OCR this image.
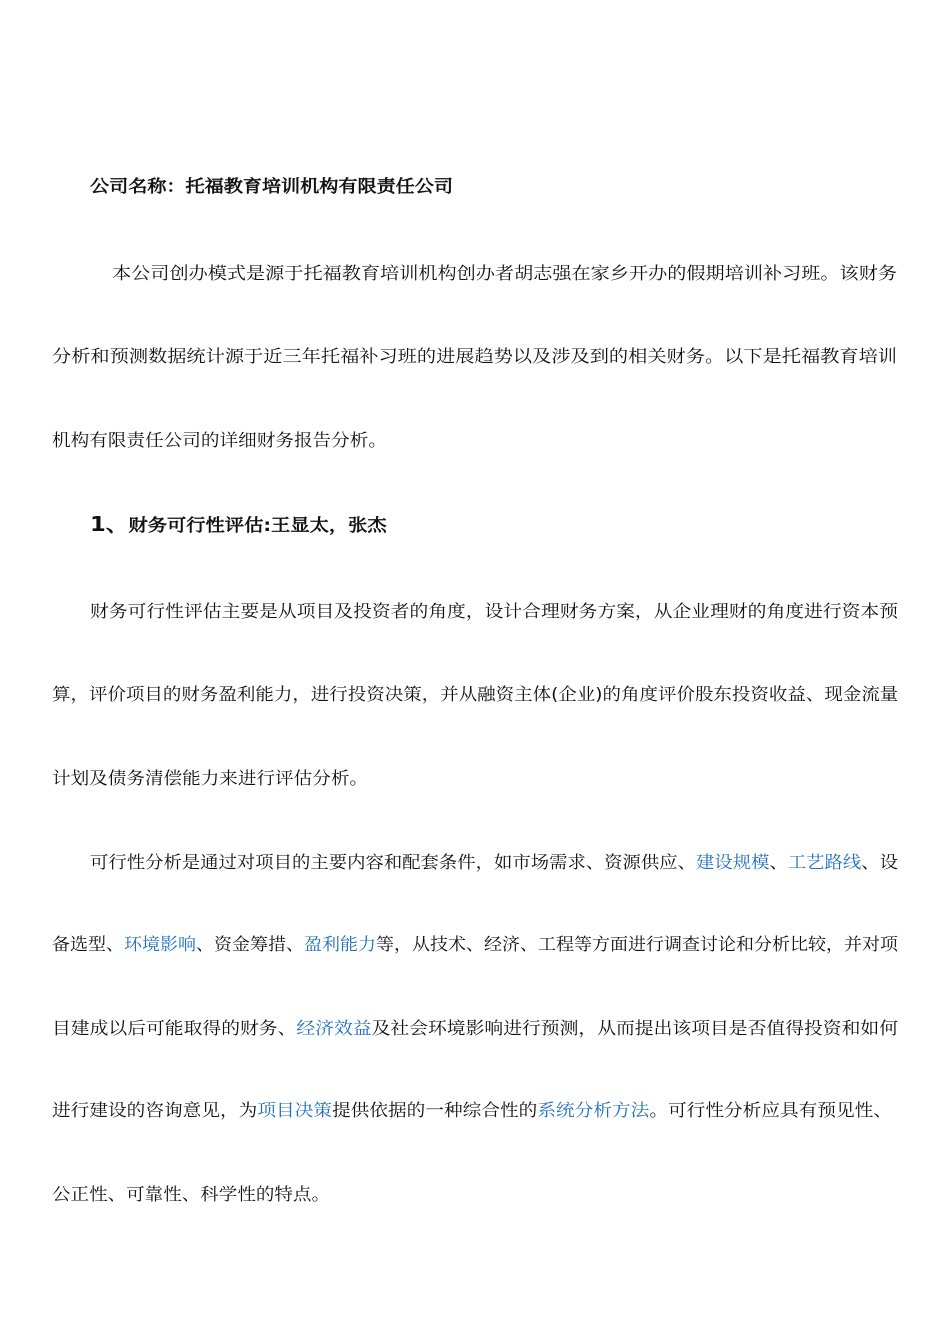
公司名称：托福教育培训机构有限责任公司
本公司创办模式是源于托福教育培训机构创办者胡志强在家乡开办的假期培训补习班。该财务
分析和预测数据统计源于近三年托福补习班的进展趋势以及涉及到的相关财务。以下是托福教育培训
机构有限责任公司的详细财务报告分析。
1、财务可行性评估:王显太，张杰
财务可行性评估主要是从项目及投资者的角度，设计合理财务方案，从企业理财的角度进行资本预
算，评价项目的财务盈利能力，进行投资决策，并从融资主体(企业)的角度评价股东投资收益、现金流量
计划及债务清偿能力来进行评估分析。
可行性分析是通过对项目的主要内容和配套条件，如市场需求、资源供应、建设规模、工艺路线、设
备选型、环境影响、资金筹措、盈利能力等，从技术、经济、工程等方面进行调查讨论和分析比较，并对项
目建成以后可能取得的财务、经济效益及社会环境影响进行预测，从而提出该项目是否值得投资和如何
进行建设的咨询意见，为项目决策提供依据的一种综合性的系统分析方法。可行性分析应具有预见性、
公正性、可靠性、科学性的特点。
